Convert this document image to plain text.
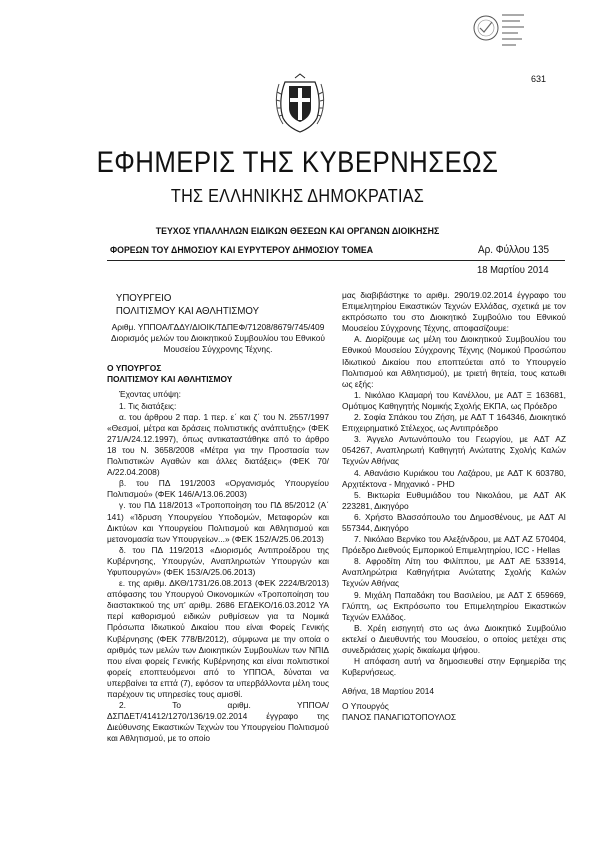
631
ΕΦΗΜΕΡΙΣ ΤΗΣ ΚΥΒΕΡΝΗΣΕΩΣ
ΤΗΣ ΕΛΛΗΝΙΚΗΣ ΔΗΜΟΚΡΑΤΙΑΣ
ΤΕΥΧΟΣ ΥΠΑΛΛΗΛΩΝ ΕΙΔΙΚΩΝ ΘΕΣΕΩΝ ΚΑΙ ΟΡΓΑΝΩΝ ΔΙΟΙΚΗΣΗΣ
ΦΟΡΕΩΝ ΤΟΥ ΔΗΜΟΣΙΟΥ ΚΑΙ ΕΥΡΥΤΕΡΟΥ ΔΗΜΟΣΙΟΥ ΤΟΜΕΑ	Αρ. Φύλλου 135
18 Μαρτίου 2014

ΥΠΟΥΡΓΕΙΟ

ΠΟΛΙΤΙΣΜΟΥ ΚΑΙ ΑΘΛΗΤΙΣΜΟΥ

Αριθμ. ΥΠΠΟΑ/ΓΔΔΥ/ΔΙΟΙΚ/ΤΔΠΕΦ/71208/8679/745/409

Διορισμός μελών του Διοικητικού Συμβουλίου του Εθνικού Μουσείου Σύγχρονης Τέχνης.

Ο ΥΠΟΥΡΓΟΣ

ΠΟΛΙΤΙΣΜΟΥ ΚΑΙ ΑΘΛΗΤΙΣΜΟΥ

Έχοντας υπόψη:

1. Τις διατάξεις:

α. του άρθρου 2 παρ. 1 περ. ε΄ και ζ΄ του Ν. 2557/1997 «Θεσμοί, μέτρα και δράσεις πολιτιστικής ανάπτυξης» (ΦΕΚ 271/Α/24.12.1997), όπως αντικαταστάθηκε από το άρθρο 18 του Ν. 3658/2008 «Μέτρα για την Προστασία των Πολιτιστικών Αγαθών και άλλες διατάξεις» (ΦΕΚ 70/Α/22.04.2008)

β. του ΠΔ 191/2003 «Οργανισμός Υπουργείου Πολιτισμού» (ΦΕΚ 146/Α/13.06.2003)

γ. του ΠΔ 118/2013 «Τροποποίηση του ΠΔ 85/2012 (Α΄ 141) «Ίδρυση Υπουργείου Υποδομών, Μεταφορών και Δικτύων και Υπουργείου Πολιτισμού και Αθλητισμού και μετονομασία των Υπουργείων...» (ΦΕΚ 152/Α/25.06.2013)

δ. του ΠΔ 119/2013 «Διορισμός Αντιπροέδρου της Κυβέρνησης, Υπουργών, Αναπληρωτών Υπουργών και Υφυπουργών» (ΦΕΚ 153/Α/25.06.2013)

ε. της αριθμ. ΔΚΘ/1731/26.08.2013 (ΦΕΚ 2224/Β/2013) απόφασης του Υπουργού Οικονομικών «Τροποποίηση του διαστακτικού της υπ’ αριθμ. 2686 ΕΓΔΕΚΟ/16.03.2012 ΥΑ περί καθορισμού ειδικών ρυθμίσεων για τα Νομικά Πρόσωπα Ιδιωτικού Δικαίου που είναι Φορείς Γενικής Κυβέρνησης (ΦΕΚ 778/Β/2012), σύμφωνα με την οποία ο αριθμός των μελών των Διοικητικών Συμβουλίων των ΝΠΙΔ που είναι φορείς Γενικής Κυβέρνησης και είναι πολιτιστικοί φορείς εποπτευόμενοι από το ΥΠΠΟΑ, δύναται να υπερβαίνει τα επτά (7), εφόσον τα υπερβάλλοντα μέλη τους παρέχουν τις υπηρεσίες τους αμισθί.

2. Το αριθμ. ΥΠΠΟΑ/ΔΣΠΔΕΤ/41412/1270/136/19.02.2014 έγγραφο της Διεύθυνσης Εικαστικών Τεχνών του Υπουργείου Πολιτισμού και Αθλητισμού, με το οποίο

μας διαβιβάστηκε το αριθμ. 290/19.02.2014 έγγραφο του Επιμελητηρίου Εικαστικών Τεχνών Ελλάδας, σχετικά με τον εκπρόσωπο του στο Διοικητικό Συμβούλιο του Εθνικού Μουσείου Σύγχρονης Τέχνης, αποφασίζουμε:

Α. Διορίζουμε ως μέλη του Διοικητικού Συμβουλίου του Εθνικού Μουσείου Σύγχρονης Τέχνης (Νομικού Προσώπου Ιδιωτικού Δικαίου που εποπτεύεται από το Υπουργείο Πολιτισμού και Αθλητισμού), με τριετή θητεία, τους κατωθι ως εξής:

1. Νικόλαο Κλαμαρή του Κανέλλου, με ΑΔΤ Ξ 163681, Ομότιμος Καθηγητής Νομικής Σχολής ΕΚΠΑ, ως Πρόεδρο

2. Σοφία Σπάκου του Ζήση, με ΑΔΤ Τ 164346, Διοικητικό Επιχειρηματικό Στέλεχος, ως Αντιπρόεδρο

3. Άγγελο Αντωνόπουλο του Γεωργίου, με ΑΔΤ ΑΖ 054267, Αναπληρωτή Καθηγητή Ανώτατης Σχολής Καλών Τεχνών Αθήνας

4. Αθανάσιο Κυριάκου του Λαζάρου, με ΑΔΤ Κ 603780, Αρχιτέκτονα - Μηχανικό - PHD

5. Βικτωρία Ευθυμιάδου του Νικολάου, με ΑΔΤ ΑΚ 223281, Δικηγόρο

6. Χρήστο Βλασσόπουλο του Δημοσθένους, με ΑΔΤ ΑΙ 557344, Δικηγόρο

7. Νικόλαο Βερνίκο του Αλεξάνδρου, με ΑΔΤ ΑΖ 570404, Πρόεδρο Διεθνούς Εμπορικού Επιμελητηρίου, ICC - Hellas

8. Αφροδίτη Λίτη του Φιλίππου, με ΑΔΤ ΑΕ 533914, Αναπληρώτρια Καθηγήτρια Ανώτατης Σχολής Καλών Τεχνών Αθήνας

9. Μιχάλη Παπαδάκη του Βασιλείου, με ΑΔΤ Σ 659669, Γλύπτη, ως Εκπρόσωπο του Επιμελητηρίου Εικαστικών Τεχνών Ελλάδος.

Β. Χρέη εισηγητή στο ως άνω Διοικητικό Συμβούλιο εκτελεί ο Διευθυντής του Μουσείου, ο οποίος μετέχει στις συνεδριάσεις χωρίς δικαίωμα ψήφου.

Η απόφαση αυτή να δημοσιευθεί στην Εφημερίδα της Κυβερνήσεως.

Αθήνα, 18 Μαρτίου 2014

Ο Υπουργός

ΠΑΝΟΣ ΠΑΝΑΓΙΩΤΟΠΟΥΛΟΣ
